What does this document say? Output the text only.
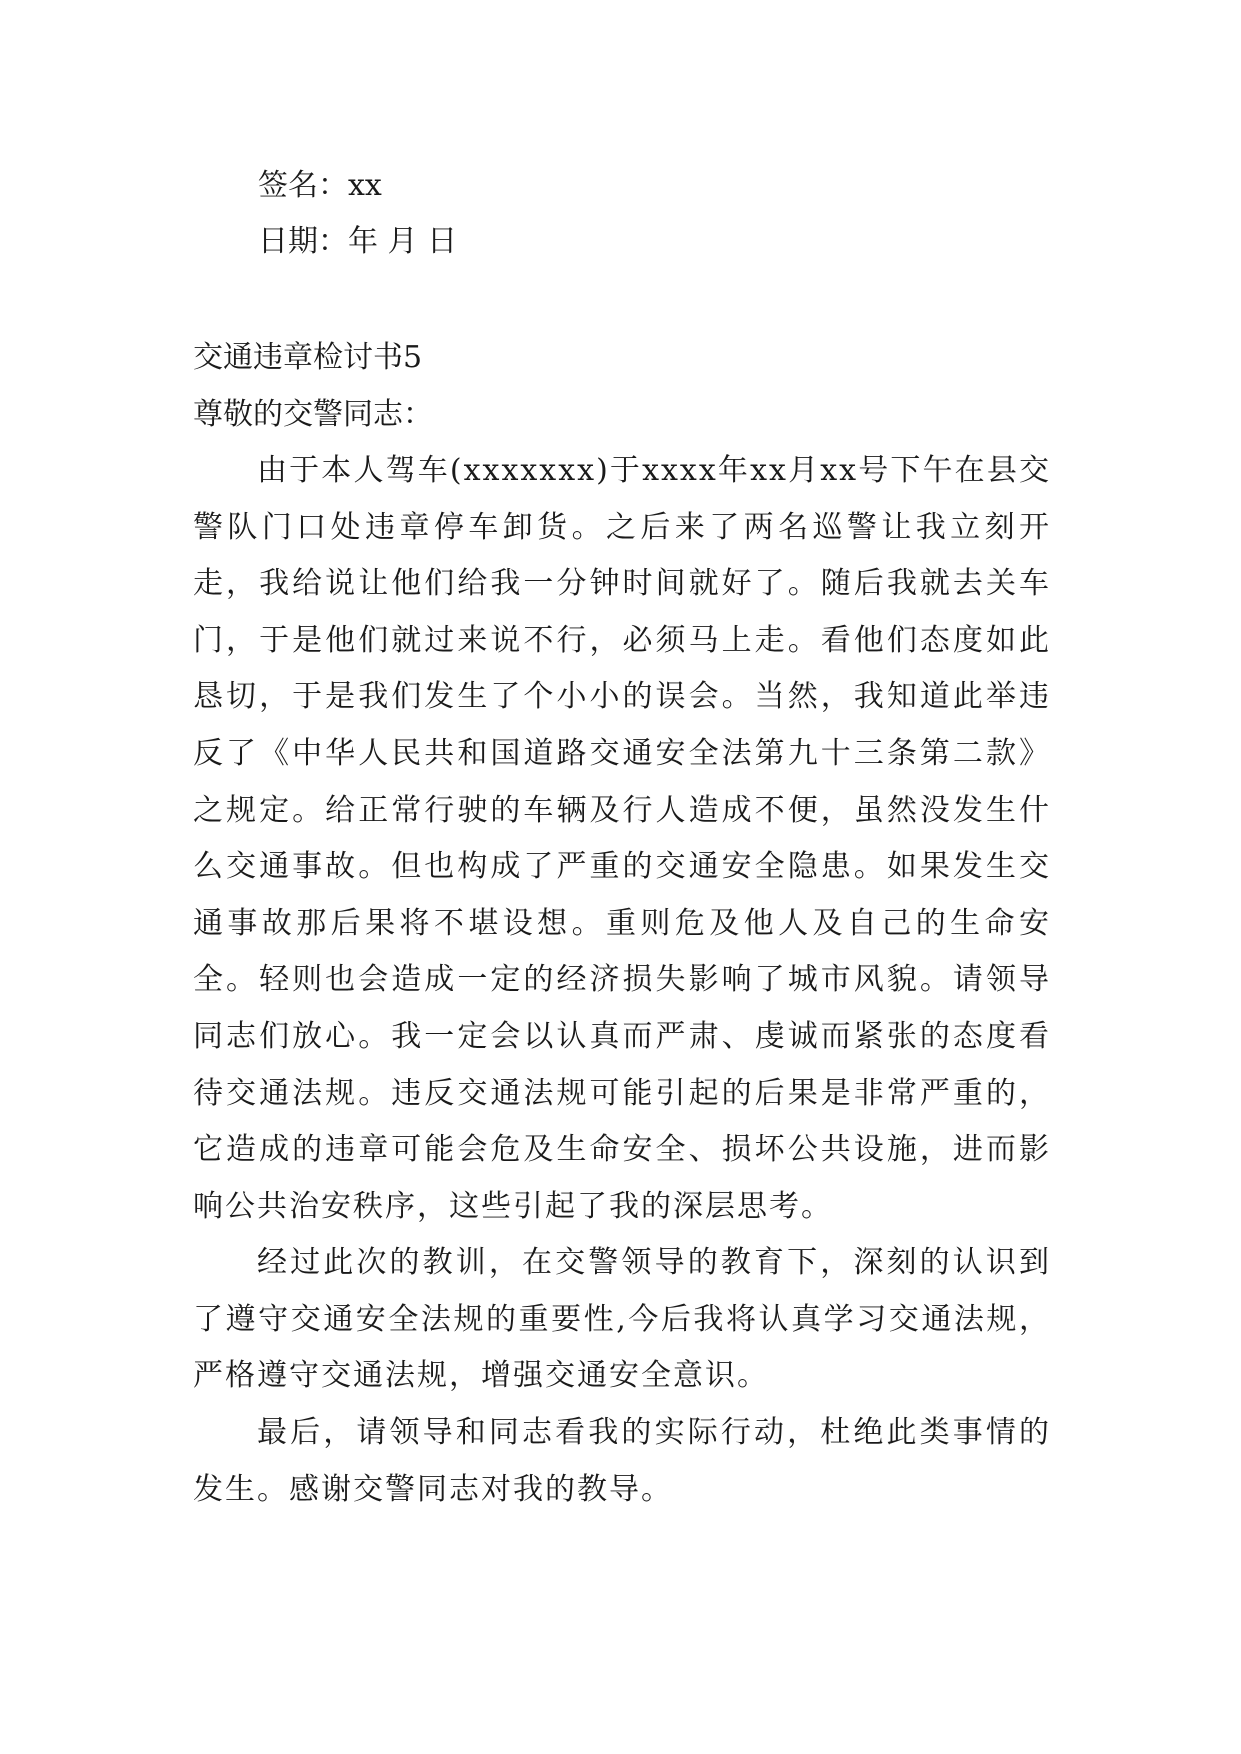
签名：xx

日期：年 月 日

交通违章检讨书5

尊敬的交警同志：

由于本人驾车(xxxxxxx)于xxxx年xx月xx号下午在县交警队门口处违章停车卸货。之后来了两名巡警让我立刻开走，我给说让他们给我一分钟时间就好了。随后我就去关车门，于是他们就过来说不行，必须马上走。看他们态度如此恳切，于是我们发生了个小小的误会。当然，我知道此举违反了《中华人民共和国道路交通安全法第九十三条第二款》之规定。给正常行驶的车辆及行人造成不便，虽然没发生什么交通事故。但也构成了严重的交通安全隐患。如果发生交通事故那后果将不堪设想。重则危及他人及自己的生命安全。轻则也会造成一定的经济损失影响了城市风貌。请领导同志们放心。我一定会以认真而严肃、虔诚而紧张的态度看待交通法规。违反交通法规可能引起的后果是非常严重的，它造成的违章可能会危及生命安全、损坏公共设施，进而影响公共治安秩序，这些引起了我的深层思考。

经过此次的教训，在交警领导的教育下，深刻的认识到了遵守交通安全法规的重要性,今后我将认真学习交通法规，严格遵守交通法规，增强交通安全意识。

最后，请领导和同志看我的实际行动，杜绝此类事情的发生。感谢交警同志对我的教导。
